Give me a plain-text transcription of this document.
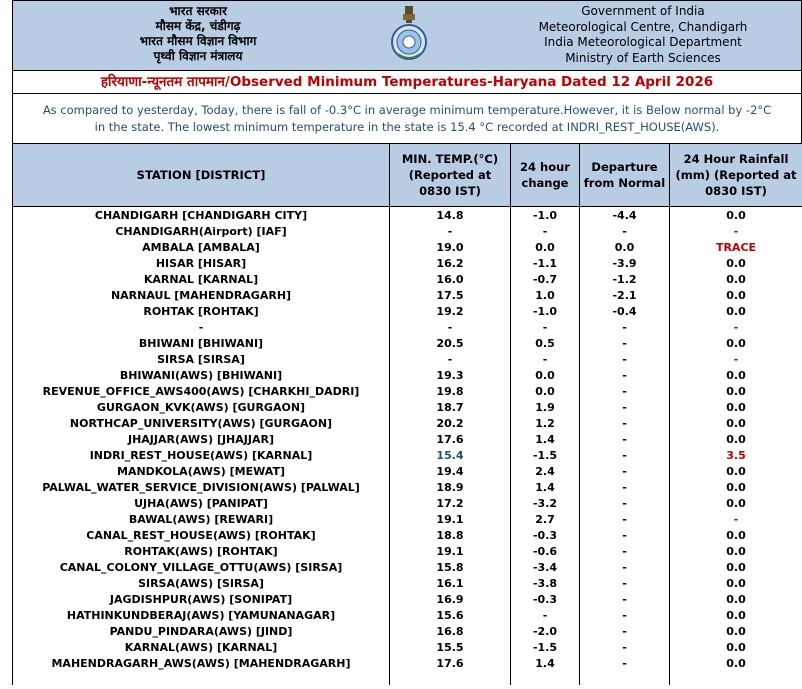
भारत सरकार
मौसम केंद्र, चंडीगढ़
भारत मौसम विज्ञान विभाग
पृथ्वी विज्ञान मंत्रालय
Government of India
Meteorological Centre, Chandigarh
India Meteorological Department
Ministry of Earth Sciences
हरियाणा-न्यूनतम तापमान/Observed Minimum Temperatures-Haryana Dated 12 April 2026
As compared to yesterday, Today, there is fall of -0.3°C in average minimum temperature.However, it is Below normal by -2°C
in the state. The lowest minimum temperature in the state is 15.4 °C recorded at INDRI_REST_HOUSE(AWS).
STATION [DISTRICT]	MIN. TEMP.(°C) (Reported at 0830 IST)	24 hour change	Departure from Normal	24 Hour Rainfall (mm) (Reported at 0830 IST)
CHANDIGARH [CHANDIGARH CITY]	14.8	-1.0	-4.4	0.0
CHANDIGARH(Airport) [IAF]	-	-	-	-
AMBALA [AMBALA]	19.0	0.0	0.0	TRACE
HISAR [HISAR]	16.2	-1.1	-3.9	0.0
KARNAL [KARNAL]	16.0	-0.7	-1.2	0.0
NARNAUL [MAHENDRAGARH]	17.5	1.0	-2.1	0.0
ROHTAK [ROHTAK]	19.2	-1.0	-0.4	0.0
-	-	-	-	-
BHIWANI [BHIWANI]	20.5	0.5	-	0.0
SIRSA [SIRSA]	-	-	-	-
BHIWANI(AWS) [BHIWANI]	19.3	0.0	-	0.0
REVENUE_OFFICE_AWS400(AWS) [CHARKHI_DADRI]	19.8	0.0	-	0.0
GURGAON_KVK(AWS) [GURGAON]	18.7	1.9	-	0.0
NORTHCAP_UNIVERSITY(AWS) [GURGAON]	20.2	1.2	-	0.0
JHAJJAR(AWS) [JHAJJAR]	17.6	1.4	-	0.0
INDRI_REST_HOUSE(AWS) [KARNAL]	15.4	-1.5	-	3.5
MANDKOLA(AWS) [MEWAT]	19.4	2.4	-	0.0
PALWAL_WATER_SERVICE_DIVISION(AWS) [PALWAL]	18.9	1.4	-	0.0
UJHA(AWS) [PANIPAT]	17.2	-3.2	-	0.0
BAWAL(AWS) [REWARI]	19.1	2.7	-	-
CANAL_REST_HOUSE(AWS) [ROHTAK]	18.8	-0.3	-	0.0
ROHTAK(AWS) [ROHTAK]	19.1	-0.6	-	0.0
CANAL_COLONY_VILLAGE_OTTU(AWS) [SIRSA]	15.8	-3.4	-	0.0
SIRSA(AWS) [SIRSA]	16.1	-3.8	-	0.0
JAGDISHPUR(AWS) [SONIPAT]	16.9	-0.3	-	0.0
HATHINKUNDBERAJ(AWS) [YAMUNANAGAR]	15.6	-	-	0.0
PANDU_PINDARA(AWS) [JIND]	16.8	-2.0	-	0.0
KARNAL(AWS) [KARNAL]	15.5	-1.5	-	0.0
MAHENDRAGARH_AWS(AWS) [MAHENDRAGARH]	17.6	1.4	-	0.0
